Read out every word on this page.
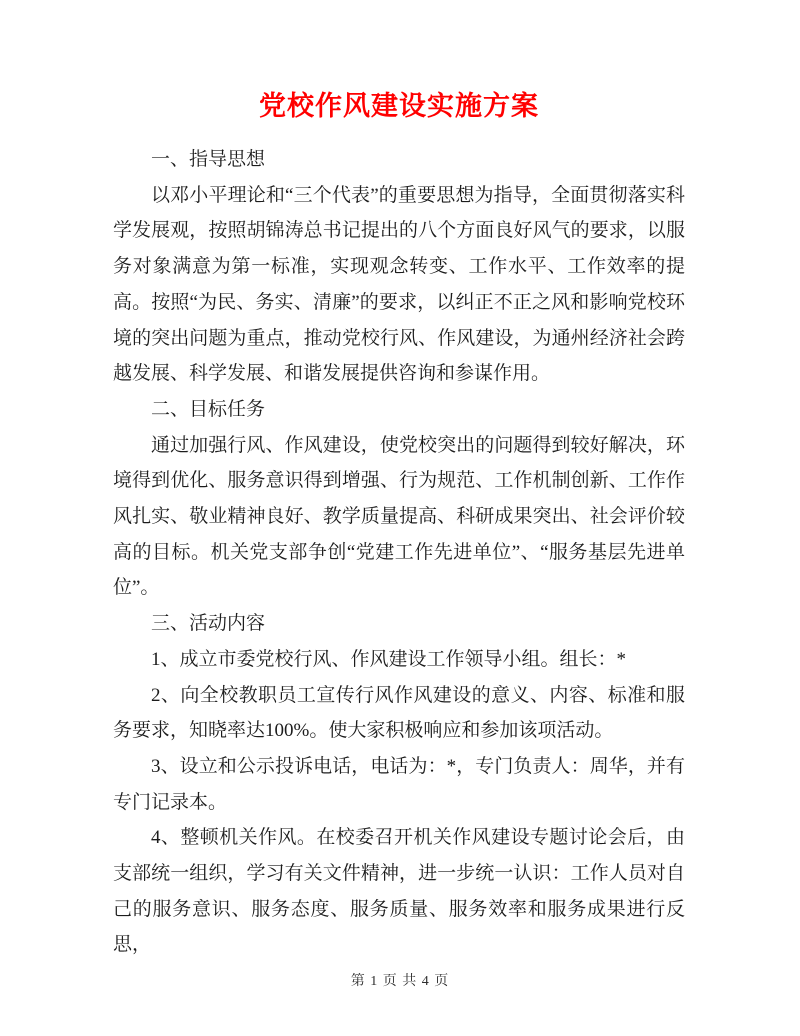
党校作风建设实施方案

一、指导思想

以邓小平理论和“三个代表”的重要思想为指导，全面贯彻落实科学发展观，按照胡锦涛总书记提出的八个方面良好风气的要求，以服务对象满意为第一标准，实现观念转变、工作水平、工作效率的提高。按照“为民、务实、清廉”的要求，以纠正不正之风和影响党校环境的突出问题为重点，推动党校行风、作风建设，为通州经济社会跨越发展、科学发展、和谐发展提供咨询和参谋作用。

二、目标任务

通过加强行风、作风建设，使党校突出的问题得到较好解决，环境得到优化、服务意识得到增强、行为规范、工作机制创新、工作作风扎实、敬业精神良好、教学质量提高、科研成果突出、社会评价较高的目标。机关党支部争创“党建工作先进单位”、“服务基层先进单位”。

三、活动内容

1、成立市委党校行风、作风建设工作领导小组。组长：*

2、向全校教职员工宣传行风作风建设的意义、内容、标准和服务要求，知晓率达100%。使大家积极响应和参加该项活动。

3、设立和公示投诉电话，电话为：*，专门负责人：周华，并有专门记录本。

4、整顿机关作风。在校委召开机关作风建设专题讨论会后，由支部统一组织，学习有关文件精神，进一步统一认识：工作人员对自己的服务意识、服务态度、服务质量、服务效率和服务成果进行反思，

第 1 页 共 4 页
